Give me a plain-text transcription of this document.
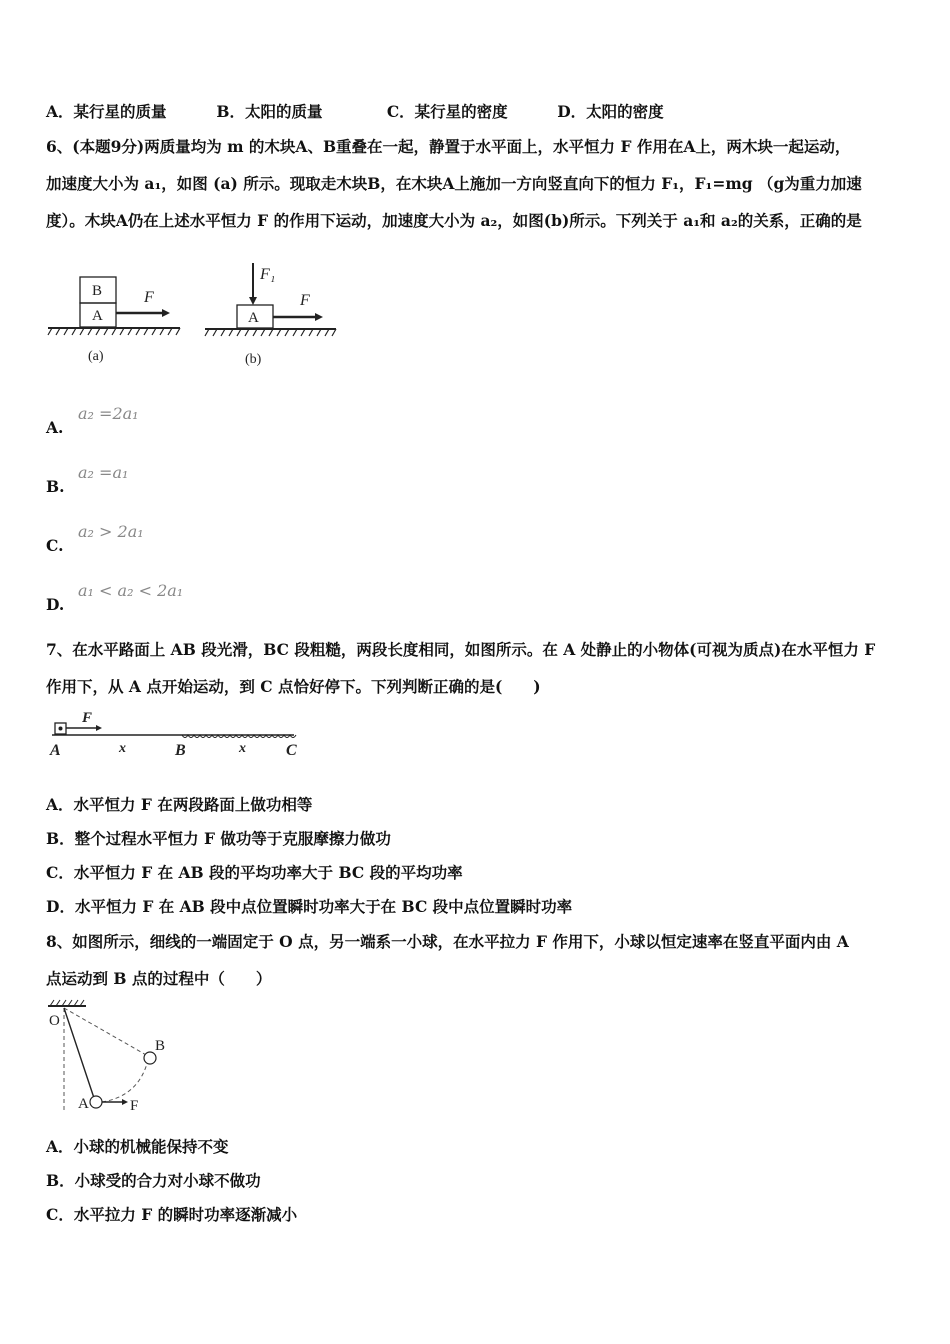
A．某行星的质量	B．太阳的质量	C．某行星的密度	D．太阳的密度
6、(本题9分)两质量均为 m 的木块A、B重叠在一起，静置于水平面上，水平恒力 F 作用在A上，两木块一起运动，
加速度大小为 a₁，如图 (a) 所示。现取走木块B，在木块A上施加一方向竖直向下的恒力 F₁，F₁=mg （g为重力加速
度）。木块A仍在上述水平恒力 F 的作用下运动，加速度大小为 a₂，如图(b)所示。下列关于 a₁和 a₂的关系，正确的是
B
A
F
(a)
A
F₁
F
(b)
A.
a₂ =2a₁
B.
a₂ =a₁
C.
a₂ > 2a₁
D.
a₁ < a₂ < 2a₁
7、在水平路面上 AB 段光滑，BC 段粗糙，两段长度相同，如图所示。在 A 处静止的小物体(可视为质点)在水平恒力 F
作用下，从 A 点开始运动，到 C 点恰好停下。下列判断正确的是(　　)
F
A	x	B	x	C
A．水平恒力 F 在两段路面上做功相等
B．整个过程水平恒力 F 做功等于克服摩擦力做功
C．水平恒力 F 在 AB 段的平均功率大于 BC 段的平均功率
D．水平恒力 F 在 AB 段中点位置瞬时功率大于在 BC 段中点位置瞬时功率
8、如图所示，细线的一端固定于 O 点，另一端系一小球，在水平拉力 F 作用下，小球以恒定速率在竖直平面内由 A
点运动到 B 点的过程中（　　）
O
B
A	F
A．小球的机械能保持不变
B．小球受的合力对小球不做功
C．水平拉力 F 的瞬时功率逐渐减小
